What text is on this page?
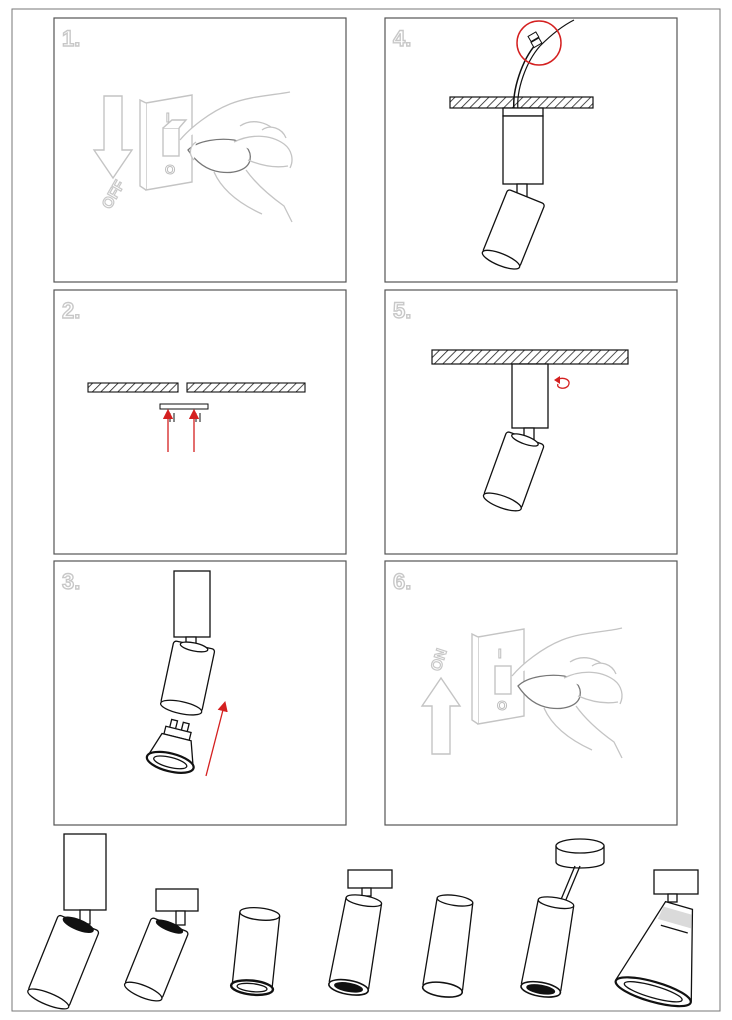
1.
OFF
I
O
4.
2.	5.
3.	6.
ON	I
O
